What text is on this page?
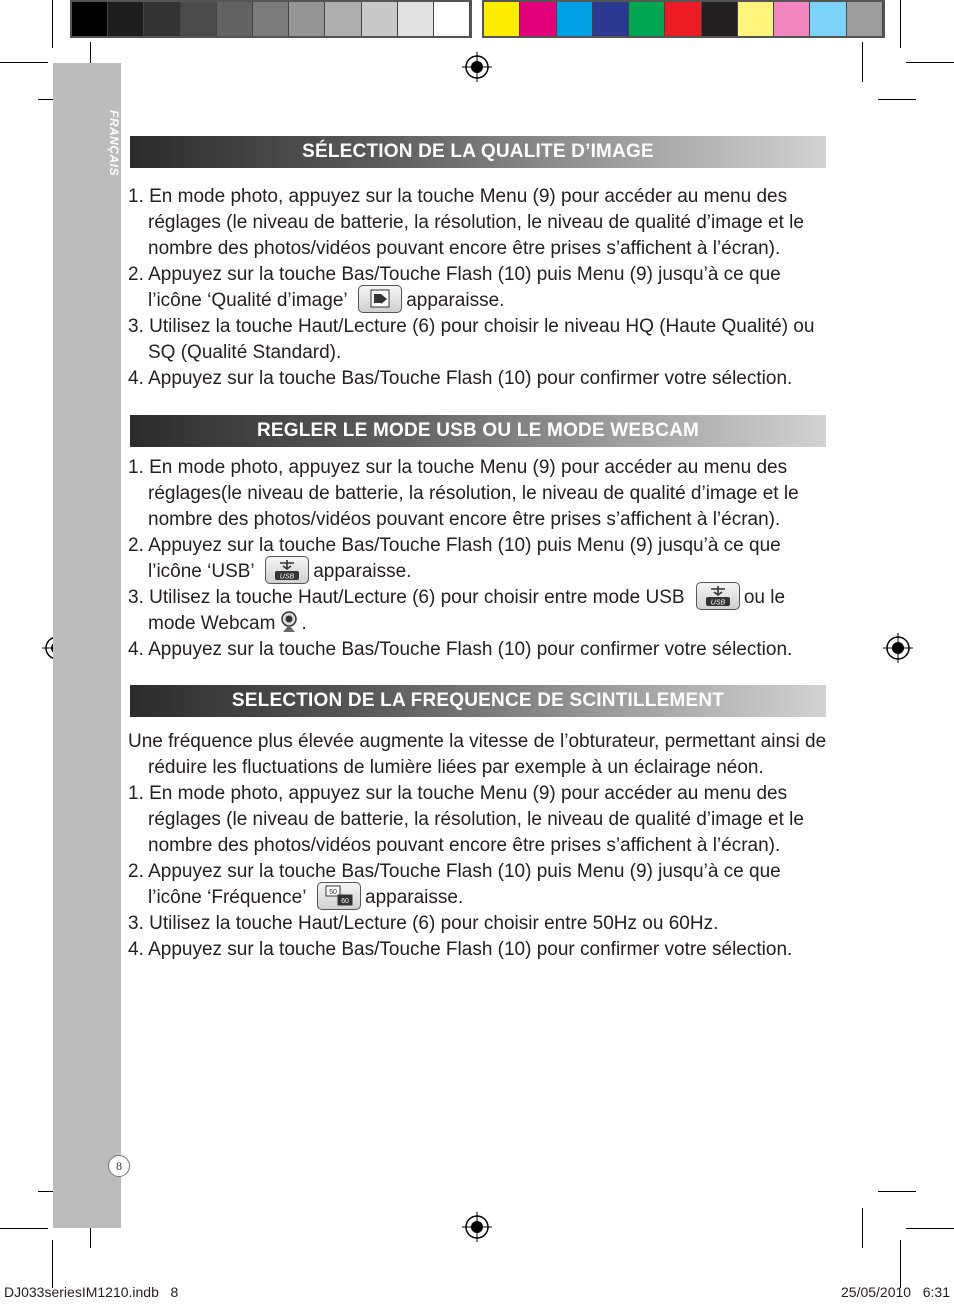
FRANÇAIS
8
SÉLECTION DE LA QUALITE D’IMAGE
1. En mode photo, appuyez sur la touche Menu (9) pour accéder au menu des réglages (le niveau de batterie, la résolution, le niveau de qualité d’image et le nombre des photos/vidéos pouvant encore être prises s’affichent à l’écran).
2. Appuyez sur la touche Bas/Touche Flash (10) puis Menu (9) jusqu’à ce que l’icône ‘Qualité d’image’	apparaisse.
3. Utilisez la touche Haut/Lecture (6) pour choisir le niveau HQ (Haute Qualité) ou SQ (Qualité Standard).
4. Appuyez sur la touche Bas/Touche Flash (10) pour confirmer votre sélection.
REGLER LE MODE USB OU LE MODE WEBCAM
1. En mode photo, appuyez sur la touche Menu (9) pour accéder au menu des réglages(le niveau de batterie, la résolution, le niveau de qualité d’image et le nombre des photos/vidéos pouvant encore être prises s’affichent à l’écran).
2. Appuyez sur la touche Bas/Touche Flash (10) puis Menu (9) jusqu’à ce que l’icône ‘USB’	USB apparaisse.
3. Utilisez la touche Haut/Lecture (6) pour choisir entre mode USB	USB ou le mode Webcam .
4. Appuyez sur la touche Bas/Touche Flash (10) pour confirmer votre sélection.
SELECTION DE LA FREQUENCE DE SCINTILLEMENT
Une fréquence plus élevée augmente la vitesse de l’obturateur, permettant ainsi de réduire les fluctuations de lumière liées par exemple à un éclairage néon.
1. En mode photo, appuyez sur la touche Menu (9) pour accéder au menu des réglages (le niveau de batterie, la résolution, le niveau de qualité d’image et le nombre des photos/vidéos pouvant encore être prises s’affichent à l’écran).
2. Appuyez sur la touche Bas/Touche Flash (10) puis Menu (9) jusqu’à ce que l’icône ‘Fréquence’	50
60 apparaisse.
3. Utilisez la touche Haut/Lecture (6) pour choisir entre 50Hz ou 60Hz.
4. Appuyez sur la touche Bas/Touche Flash (10) pour confirmer votre sélection.
DJ033seriesIM1210.indb   8	25/05/2010   6:31
